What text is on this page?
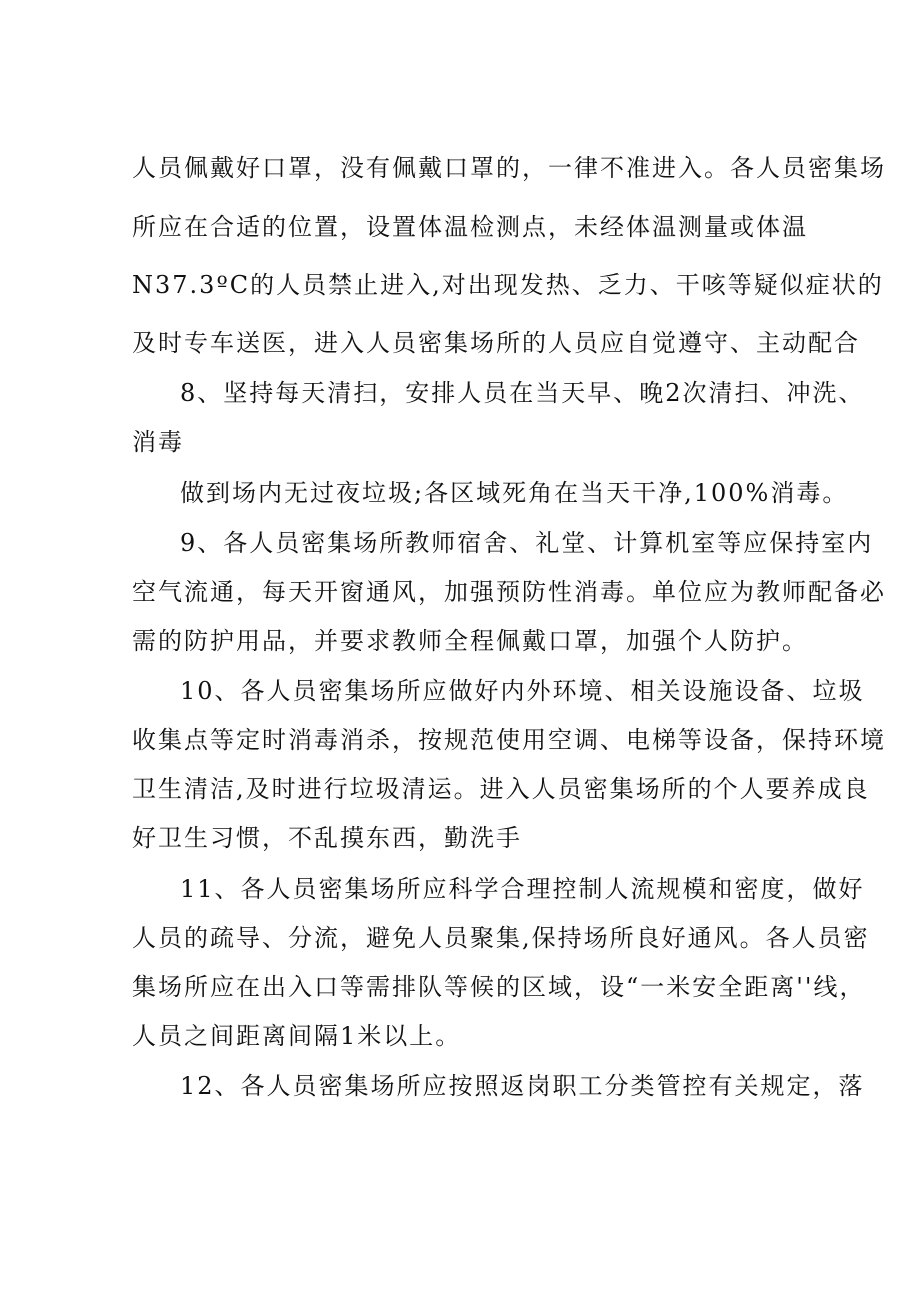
人员佩戴好口罩，没有佩戴口罩的，一律不准进入。各人员密集场
所应在合适的位置，设置体温检测点，未经体温测量或体温
N37.3ºC的人员禁止进入,对出现发热、乏力、干咳等疑似症状的
及时专车送医，进入人员密集场所的人员应自觉遵守、主动配合
8、坚持每天清扫，安排人员在当天早、晚2次清扫、冲洗、
消毒
做到场内无过夜垃圾;各区域死角在当天干净,100%消毒。
9、各人员密集场所教师宿舍、礼堂、计算机室等应保持室内
空气流通，每天开窗通风，加强预防性消毒。单位应为教师配备必
需的防护用品，并要求教师全程佩戴口罩，加强个人防护。
10、各人员密集场所应做好内外环境、相关设施设备、垃圾
收集点等定时消毒消杀，按规范使用空调、电梯等设备，保持环境
卫生清洁,及时进行垃圾清运。进入人员密集场所的个人要养成良
好卫生习惯，不乱摸东西，勤洗手
11、各人员密集场所应科学合理控制人流规模和密度，做好
人员的疏导、分流，避免人员聚集,保持场所良好通风。各人员密
集场所应在出入口等需排队等候的区域，设“一米安全距离''线，
人员之间距离间隔1米以上。
12、各人员密集场所应按照返岗职工分类管控有关规定，落
